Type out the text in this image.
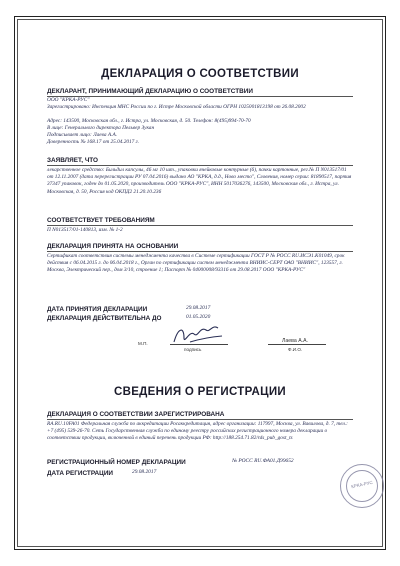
ДЕКЛАРАЦИЯ О СООТВЕТСТВИИ
ДЕКЛАРАНТ, ПРИНИМАЮЩИЙ ДЕКЛАРАЦИЮ О СООТВЕТСТВИИ
ООО "КРКА-РУС"
Зарегистрировано: Инспекция МНС России по г. Истре Московской области ОГРН 1025001813198 от 26.08.2002
Адрес: 143500, Московская обл., г. Истра, ул. Московская, д. 50. Телефон: 8(495)994-70-70
В лице: Генерального директора Пельвер Зукан
Подписывает лицо: Лаева А.А.
Доверенность № 168.17 от 25.04.2017 г.
ЗАЯВЛЯЕТ, ЧТО
лекарственное средство: Бильдил капсулы, 46 мг 10 шт., упаковки ячейковые контурные (6), пачки картонные, рег.№ П N013517/01 от 12.11.2007 (дата перерегистрации РУ 07.04.2016) выдано АО "КРКА, д.д., Ново место", Словения, номер серии: 81890517, партия 37347 упаковок, годен до 01.05.2020, производитель ООО "КРКА-РУС", ИНН 5017036276, 143500, Московская обл., г. Истра, ул. Московская, д. 50, Россия код ОКПД2 21.20.10.236
СООТВЕТСТВУЕТ ТРЕБОВАНИЯМ
П N013517/01-140813, изм. № 1-2
ДЕКЛАРАЦИЯ ПРИНЯТА НА ОСНОВАНИИ
Сертификат соответствия системы менеджмента качества в Системе сертификации ГОСТ Р № РОСС RU.ИСЭ1.К01049, срок действия с 06.04.2015 г. до 06.04.2018 г., Орган по сертификации систем менеджмента ВНИИС-СЕРТ ОАО "ВНИИС", 123557, г. Москва, Электрический пер., дом 3/10, строение 1; Паспорт № 04000008/93316 от 29.08.2017 ООО "КРКА-РУС"
ДАТА ПРИНЯТИЯ ДЕКЛАРАЦИИ	29.08.2017
ДЕКЛАРАЦИЯ ДЕЙСТВИТЕЛЬНА ДО	01.05.2020
М.П.
подпись
Лаева А.А.
Ф.И.О.
СВЕДЕНИЯ О РЕГИСТРАЦИИ
ДЕКЛАРАЦИЯ О СООТВЕТСТВИИ ЗАРЕГИСТРИРОВАНА
RA.RU.10FA01 Федеральная служба по аккредитации Росаккредитация, адрес организации: 117997, Москва, ул. Вавилова, д. 7, тел.: +7 (495) 539-26-70. Сеть Государственная служба по единому реестру российских регистрационного номера декларации о соответствии продукции, включенной в единый перечень продукции РФ: http://188.254.71.82/rds_pub_gost_ts
РЕГИСТРАЦИОННЫЙ НОМЕР ДЕКЛАРАЦИИ	№ РОСС RU.ФА01.Д99652
ДАТА РЕГИСТРАЦИИ	29.08.2017
КРКА-РУС
